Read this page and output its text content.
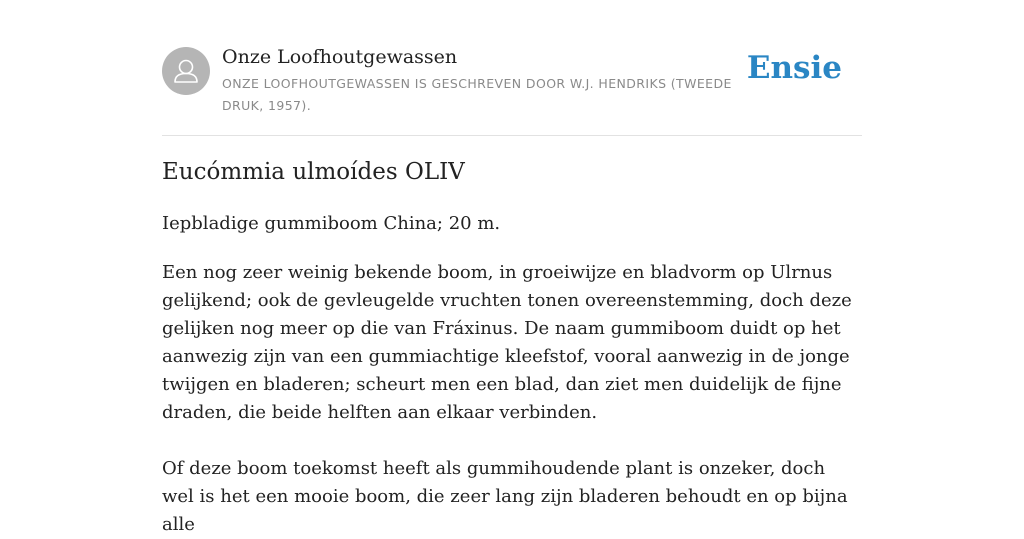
Onze Loofhoutgewassen
ONZE LOOFHOUTGEWASSEN IS GESCHREVEN DOOR W.J. HENDRIKS (TWEEDE DRUK, 1957).
Ensie
Eucómmia ulmoídes OLIV
Iepbladige gummiboom China; 20 m.

Een nog zeer weinig bekende boom, in groeiwijze en bladvorm op Ulrnus gelijkend; ook de gevleugelde vruchten tonen overeenstemming, doch deze gelijken nog meer op die van Fráxinus. De naam gummiboom duidt op het aanwezig zijn van een gummiachtige kleefstof, vooral aanwezig in de jonge twijgen en bladeren; scheurt men een blad, dan ziet men duidelijk de fijne draden, die beide helften aan elkaar verbinden.

Of deze boom toekomst heeft als gummihoudende plant is onzeker, doch wel is het een mooie boom, die zeer lang zijn bladeren behoudt en op bijna alle
